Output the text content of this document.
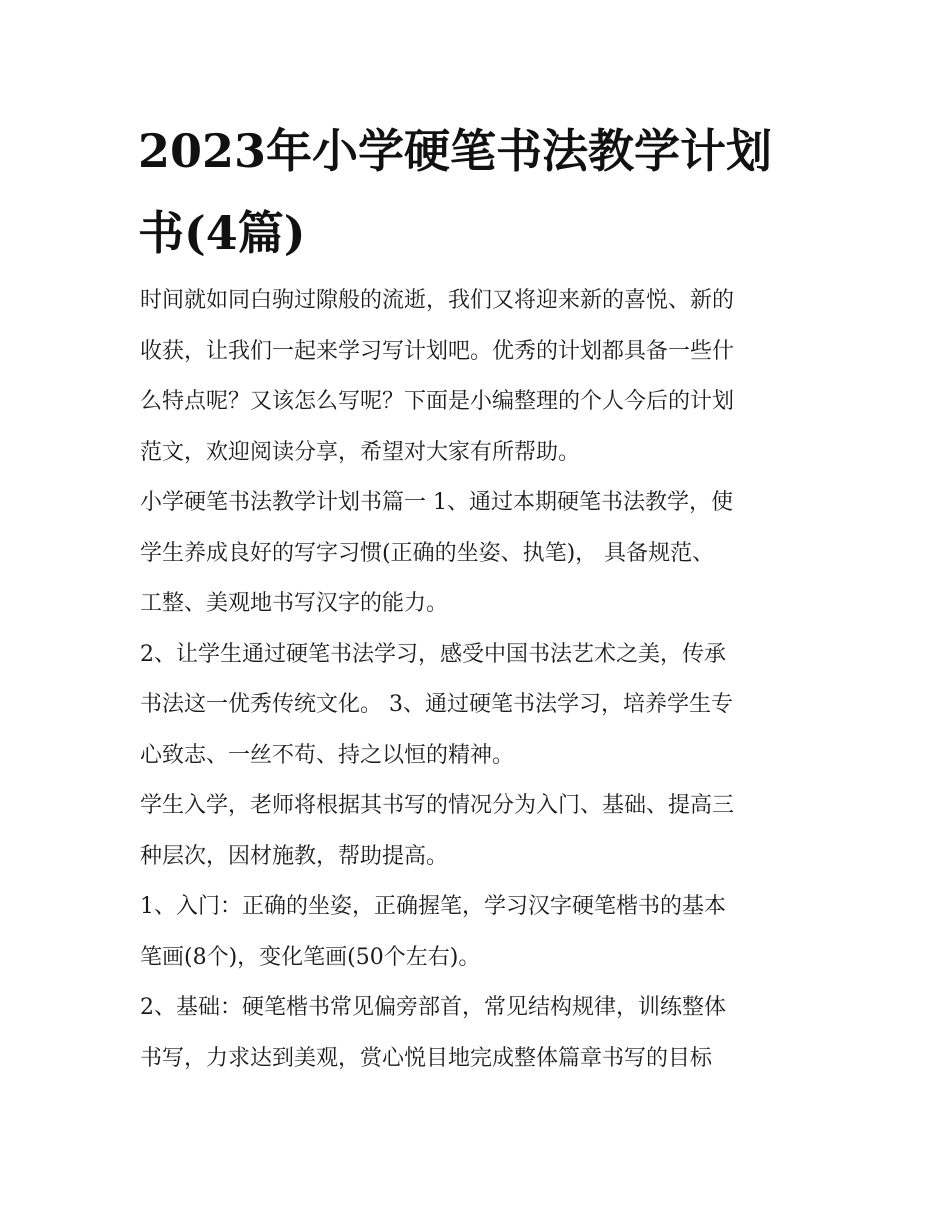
2023年小学硬笔书法教学计划
书(4篇)
时间就如同白驹过隙般的流逝，我们又将迎来新的喜悦、新的
收获，让我们一起来学习写计划吧。优秀的计划都具备一些什
么特点呢？又该怎么写呢？下面是小编整理的个人今后的计划
范文，欢迎阅读分享，希望对大家有所帮助。
小学硬笔书法教学计划书篇一 1、通过本期硬笔书法教学，使
学生养成良好的写字习惯(正确的坐姿、执笔)， 具备规范、
工整、美观地书写汉字的能力。
2、让学生通过硬笔书法学习，感受中国书法艺术之美，传承
书法这一优秀传统文化。 3、通过硬笔书法学习，培养学生专
心致志、一丝不苟、持之以恒的精神。
学生入学，老师将根据其书写的情况分为入门、基础、提高三
种层次，因材施教，帮助提高。
1、入门：正确的坐姿，正确握笔，学习汉字硬笔楷书的基本
笔画(8个)，变化笔画(50个左右)。
2、基础：硬笔楷书常见偏旁部首，常见结构规律，训练整体
书写，力求达到美观，赏心悦目地完成整体篇章书写的目标
